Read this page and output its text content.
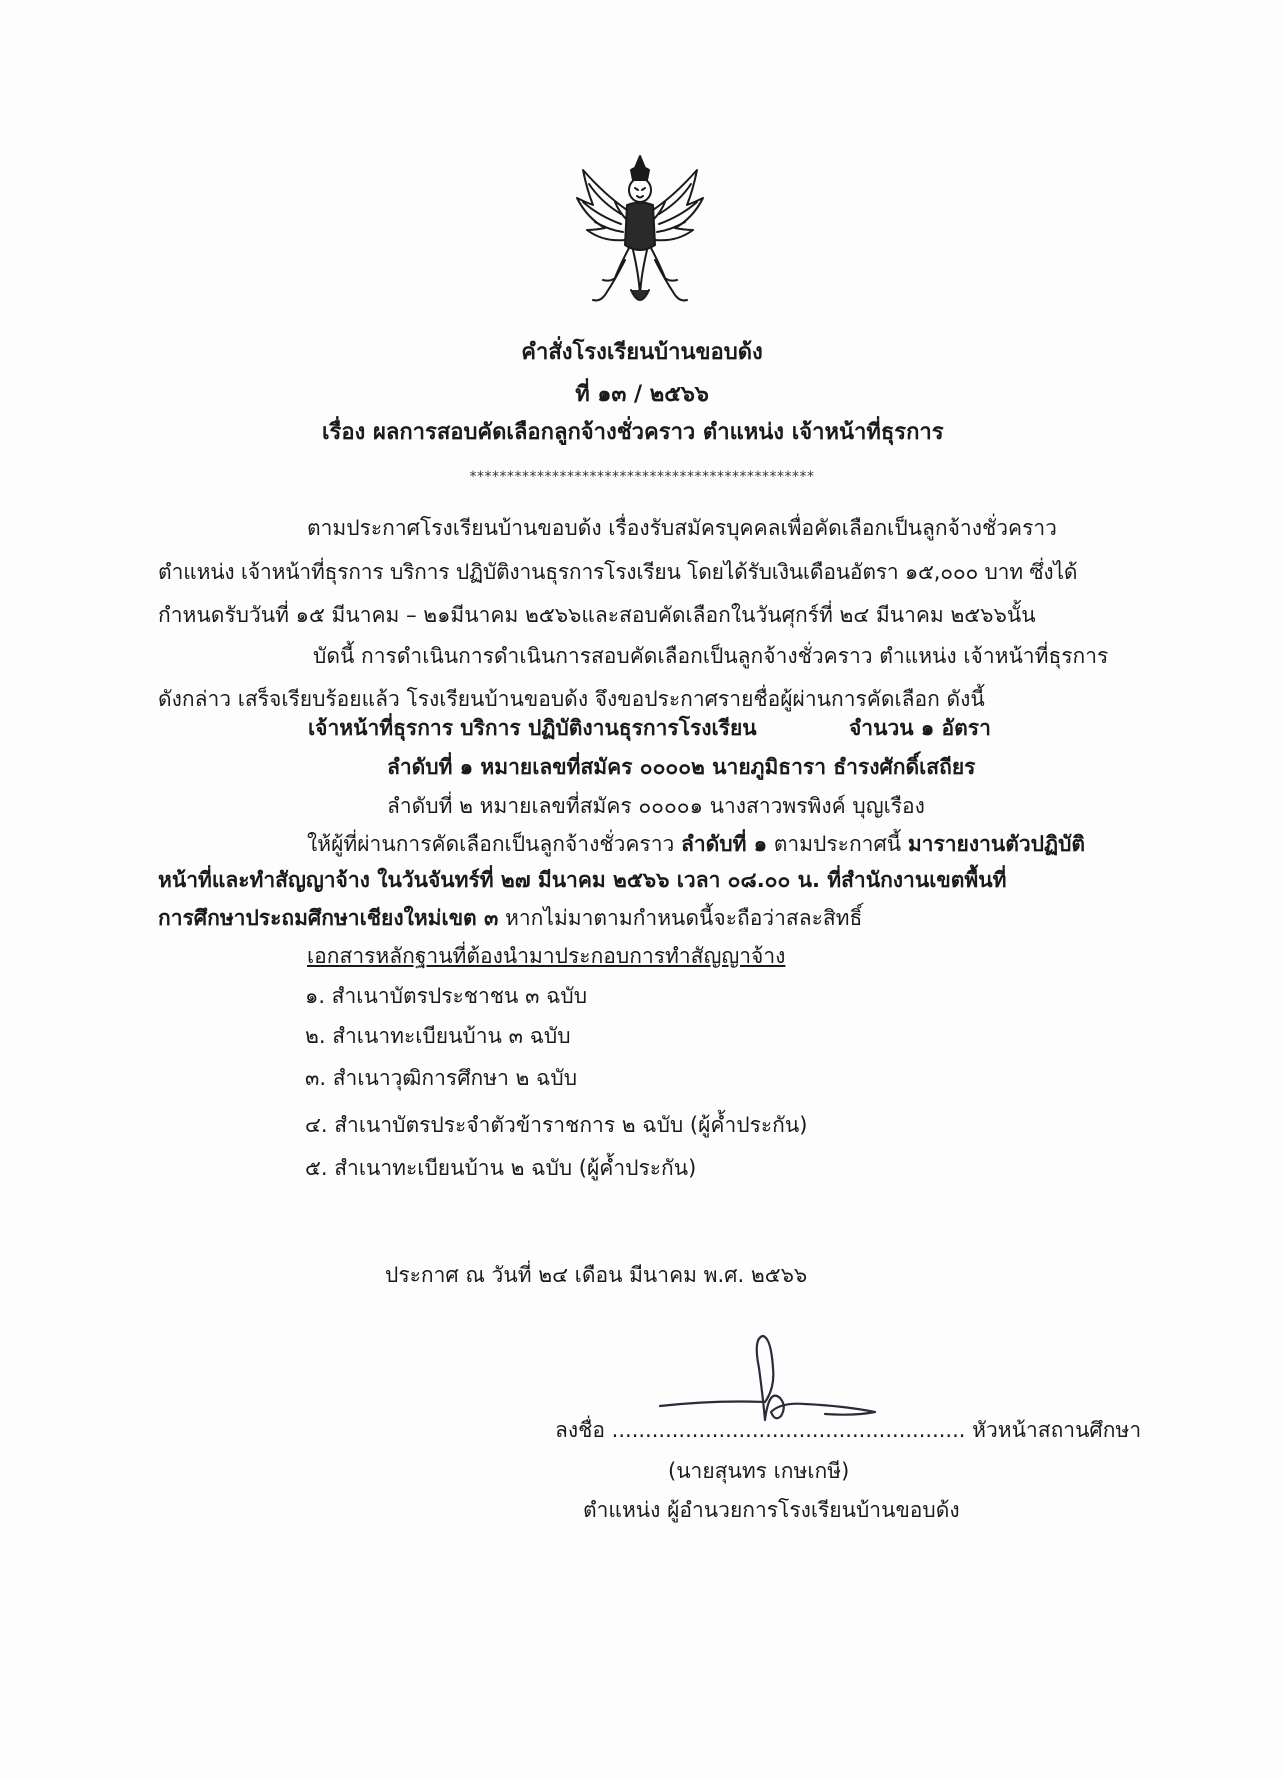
คำสั่งโรงเรียนบ้านขอบด้ง
ที่ ๑๓ / ๒๕๖๖
เรื่อง ผลการสอบคัดเลือกลูกจ้างชั่วคราว ตำแหน่ง เจ้าหน้าที่ธุรการ
**********************************************
ตามประกาศโรงเรียนบ้านขอบด้ง เรื่องรับสมัครบุคคลเพื่อคัดเลือกเป็นลูกจ้างชั่วคราว
ตำแหน่ง เจ้าหน้าที่ธุรการ บริการ ปฏิบัติงานธุรการโรงเรียน โดยได้รับเงินเดือนอัตรา ๑๕,๐๐๐ บาท ซึ่งได้
กำหนดรับวันที่ ๑๕ มีนาคม – ๒๑มีนาคม ๒๕๖๖และสอบคัดเลือกในวันศุกร์ที่ ๒๔ มีนาคม ๒๕๖๖นั้น
บัดนี้ การดำเนินการดำเนินการสอบคัดเลือกเป็นลูกจ้างชั่วคราว ตำแหน่ง เจ้าหน้าที่ธุรการ
ดังกล่าว เสร็จเรียบร้อยแล้ว โรงเรียนบ้านขอบด้ง จึงขอประกาศรายชื่อผู้ผ่านการคัดเลือก ดังนี้
เจ้าหน้าที่ธุรการ บริการ ปฏิบัติงานธุรการโรงเรียน	จำนวน ๑ อัตรา
ลำดับที่ ๑ หมายเลขที่สมัคร ๐๐๐๐๒ นายภูมิธารา ธำรงศักดิ์เสถียร
ลำดับที่ ๒ หมายเลขที่สมัคร ๐๐๐๐๑ นางสาวพรพิงค์ บุญเรือง
ให้ผู้ที่ผ่านการคัดเลือกเป็นลูกจ้างชั่วคราว ลำดับที่ ๑ ตามประกาศนี้ มารายงานตัวปฏิบัติ
หน้าที่และทำสัญญาจ้าง ในวันจันทร์ที่ ๒๗ มีนาคม ๒๕๖๖ เวลา ๐๘.๐๐ น. ที่สำนักงานเขตพื้นที่
การศึกษาประถมศึกษาเชียงใหม่เขต ๓ หากไม่มาตามกำหนดนี้จะถือว่าสละสิทธิ์
เอกสารหลักฐานที่ต้องนำมาประกอบการทำสัญญาจ้าง
๑. สำเนาบัตรประชาชน ๓ ฉบับ
๒. สำเนาทะเบียนบ้าน ๓ ฉบับ
๓. สำเนาวุฒิการศึกษา ๒ ฉบับ
๔. สำเนาบัตรประจำตัวข้าราชการ ๒ ฉบับ (ผู้ค้ำประกัน)
๕. สำเนาทะเบียนบ้าน ๒ ฉบับ (ผู้ค้ำประกัน)
ประกาศ ณ วันที่ ๒๔ เดือน มีนาคม พ.ศ. ๒๕๖๖
ลงชื่อ ..................................................... หัวหน้าสถานศึกษา
(นายสุนทร เกษเกษี)
ตำแหน่ง ผู้อำนวยการโรงเรียนบ้านขอบด้ง
